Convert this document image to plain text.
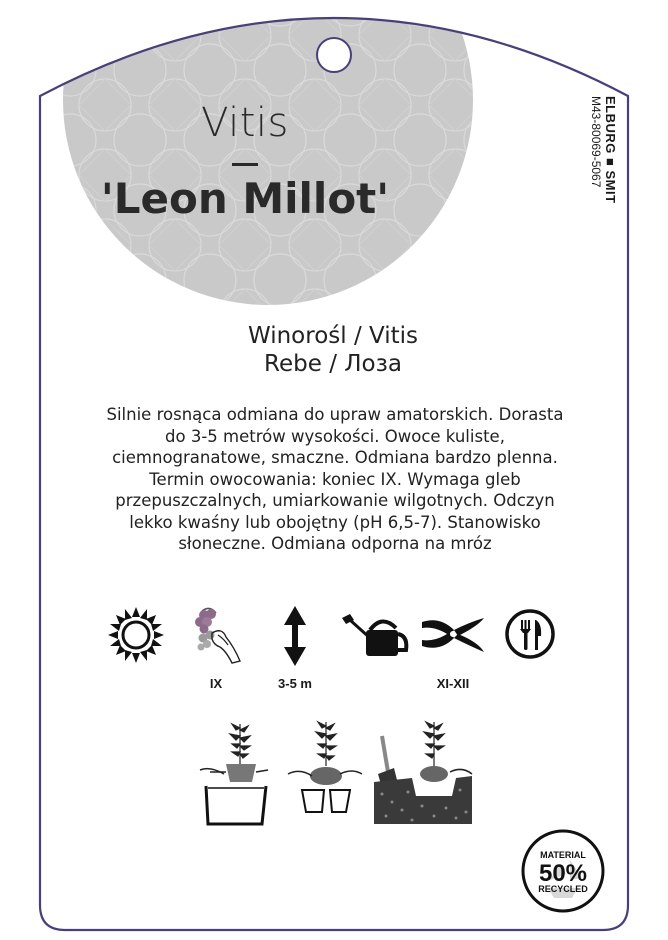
Vitis
'Leon Millot'	ELBURG ■ SMIT
M43-80069-5067
Winorośl / Vitis
Rebe / Лоза
Silnie rosnąca odmiana do upraw amatorskich. Dorasta do 3-5 metrów wysokości. Owoce kuliste, ciemnogranatowe, smaczne. Odmiana bardzo plenna. Termin owocowania: koniec IX. Wymaga gleb przepuszczalnych, umiarkowanie wilgotnych. Odczyn lekko kwaśny lub obojętny (pH 6,5-7). Stanowisko słoneczne. Odmiana odporna na mróz
IX	3-5 m	XI-XII
MATERIAL
50%
RECYCLED
